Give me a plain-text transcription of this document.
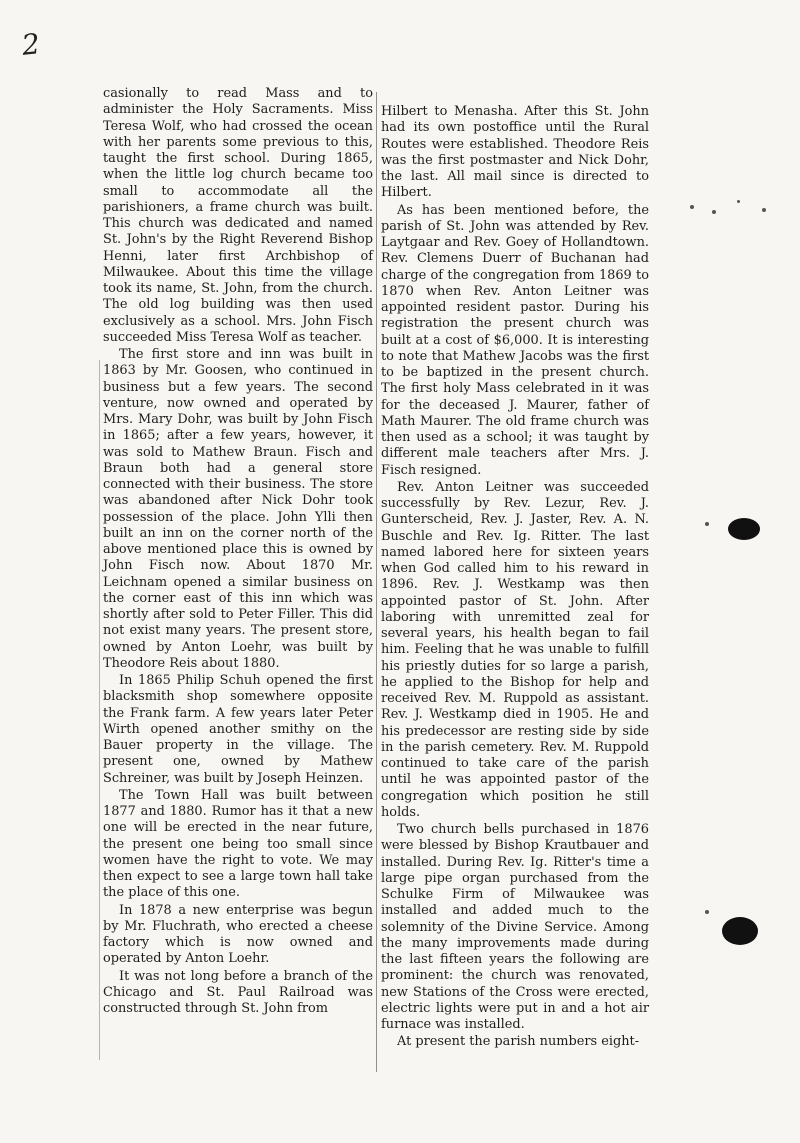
2

casionally to read Mass and to administer the Holy Sacraments. Miss Teresa Wolf, who had crossed the ocean with her parents some previous to this, taught the first school. During 1865, when the little log church became too small to accommodate all the parishioners, a frame church was built. This church was dedicated and named St. John's by the Right Reverend Bishop Henni, later first Archbishop of Milwaukee. About this time the village took its name, St. John, from the church. The old log building was then used exclusively as a school. Mrs. John Fisch succeeded Miss Teresa Wolf as teacher.

The first store and inn was built in 1863 by Mr. Goosen, who continued in business but a few years. The second venture, now owned and operated by Mrs. Mary Dohr, was built by John Fisch in 1865; after a few years, however, it was sold to Mathew Braun. Fisch and Braun both had a general store connected with their business. The store was abandoned after Nick Dohr took possession of the place. John Ylli then built an inn on the corner north of the above mentioned place this is owned by John Fisch now. About 1870 Mr. Leichnam opened a similar business on the corner east of this inn which was shortly after sold to Peter Filler. This did not exist many years. The present store, owned by Anton Loehr, was built by Theodore Reis about 1880.

In 1865 Philip Schuh opened the first blacksmith shop somewhere opposite the Frank farm. A few years later Peter Wirth opened another smithy on the Bauer property in the village. The present one, owned by Mathew Schreiner, was built by Joseph Heinzen.

The Town Hall was built between 1877 and 1880. Rumor has it that a new one will be erected in the near future, the present one being too small since women have the right to vote. We may then expect to see a large town hall take the place of this one.

In 1878 a new enterprise was begun by Mr. Fluchrath, who erected a cheese factory which is now owned and operated by Anton Loehr.

It was not long before a branch of the Chicago and St. Paul Railroad was constructed through St. John from

Hilbert to Menasha. After this St. John had its own postoffice until the Rural Routes were established. Theodore Reis was the first postmaster and Nick Dohr, the last. All mail since is directed to Hilbert.

As has been mentioned before, the parish of St. John was attended by Rev. Laytgaar and Rev. Goey of Hollandtown. Rev. Clemens Duerr of Buchanan had charge of the congregation from 1869 to 1870 when Rev. Anton Leitner was appointed resident pastor. During his registration the present church was built at a cost of $6,000. It is interesting to note that Mathew Jacobs was the first to be baptized in the present church. The first holy Mass celebrated in it was for the deceased J. Maurer, father of Math Maurer. The old frame church was then used as a school; it was taught by different male teachers after Mrs. J. Fisch resigned.

Rev. Anton Leitner was succeeded successfully by Rev. Lezur, Rev. J. Gunterscheid, Rev. J. Jaster, Rev. A. N. Buschle and Rev. Ig. Ritter. The last named labored here for sixteen years when God called him to his reward in 1896. Rev. J. Westkamp was then appointed pastor of St. John. After laboring with unremitted zeal for several years, his health began to fail him. Feeling that he was unable to fulfill his priestly duties for so large a parish, he applied to the Bishop for help and received Rev. M. Ruppold as assistant. Rev. J. Westkamp died in 1905. He and his predecessor are resting side by side in the parish cemetery. Rev. M. Ruppold continued to take care of the parish until he was appointed pastor of the congregation which position he still holds.

Two church bells purchased in 1876 were blessed by Bishop Krautbauer and installed. During Rev. Ig. Ritter's time a large pipe organ purchased from the Schulke Firm of Milwaukee was installed and added much to the solemnity of the Divine Service. Among the many improvements made during the last fifteen years the following are prominent: the church was renovated, new Stations of the Cross were erected, electric lights were put in and a hot air furnace was installed.

At present the parish numbers eight-
